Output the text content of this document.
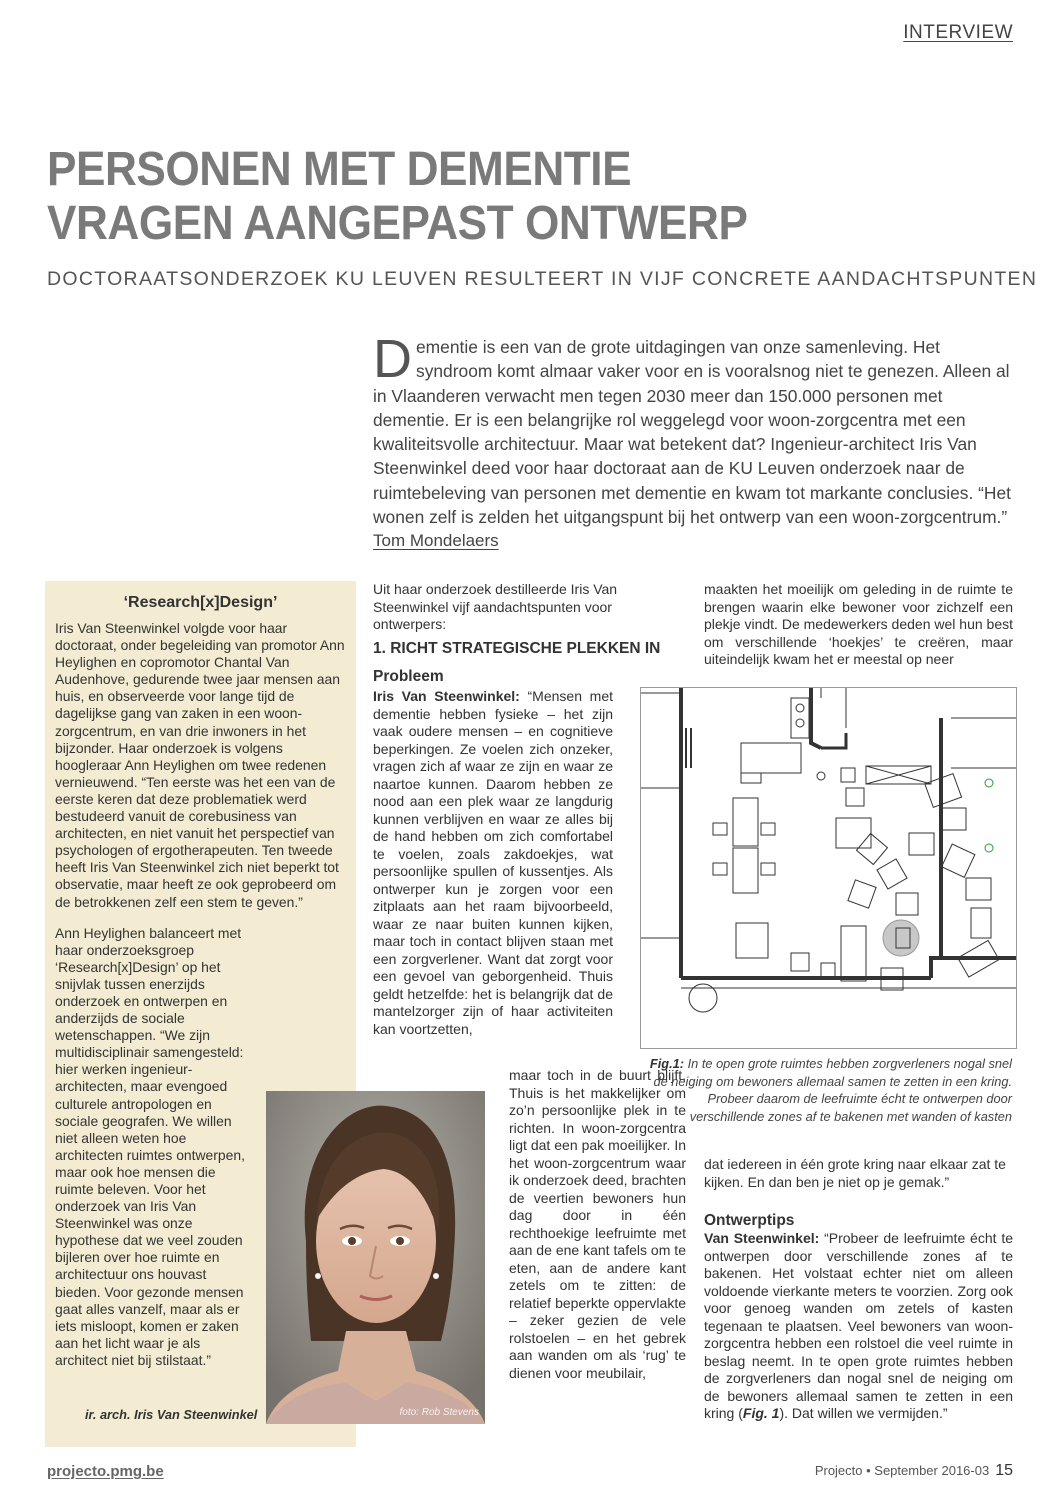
INTERVIEW
PERSONEN MET DEMENTIE
VRAGEN AANGEPAST ONTWERP
DOCTORAATSONDERZOEK KU LEUVEN RESULTEERT IN VIJF CONCRETE AANDACHTSPUNTEN
D ementie is een van de grote uitdagingen van onze samenleving. Het syndroom komt almaar vaker voor en is vooralsnog niet te genezen. Alleen al in Vlaanderen verwacht men tegen 2030 meer dan 150.000 personen met dementie. Er is een belangrijke rol weggelegd voor woon-zorgcentra met een kwaliteitsvolle architectuur. Maar wat betekent dat? Ingenieur-architect Iris Van Steenwinkel deed voor haar doctoraat aan de KU Leuven onderzoek naar de ruimtebeleving van personen met dementie en kwam tot markante conclusies. “Het wonen zelf is zelden het uitgangspunt bij het ontwerp van een woon-zorgcentrum.”
Tom Mondelaers
‘Research[x]Design’

Iris Van Steenwinkel volgde voor haar doctoraat, onder begeleiding van promotor Ann Heylighen en copromotor Chantal Van Audenhove, gedurende twee jaar mensen aan huis, en observeerde voor lange tijd de dagelijkse gang van zaken in een woon-zorgcentrum, en van drie inwoners in het bijzonder. Haar onderzoek is volgens hoogleraar Ann Heylighen om twee redenen vernieuwend. “Ten eerste was het een van de eerste keren dat deze problematiek werd bestudeerd vanuit de corebusiness van architecten, en niet vanuit het perspectief van psychologen of ergotherapeuten. Ten tweede heeft Iris Van Steenwinkel zich niet beperkt tot observatie, maar heeft ze ook geprobeerd om de betrokkenen zelf een stem te geven.”

Ann Heylighen balanceert met haar onderzoeksgroep ‘Research[x]Design’ op het snijvlak tussen enerzijds onderzoek en ontwerpen en anderzijds de sociale wetenschappen. “We zijn multidisciplinair samengesteld: hier werken ingenieur-architecten, maar evengoed culturele antropologen en sociale geografen. We willen niet alleen weten hoe architecten ruimtes ontwerpen, maar ook hoe mensen die ruimte beleven. Voor het onderzoek van Iris Van Steenwinkel was onze hypothese dat we veel zouden bijleren over hoe ruimte en architectuur ons houvast bieden. Voor gezonde mensen gaat alles vanzelf, maar als er iets misloopt, komen er zaken aan het licht waar je als architect niet bij stilstaat.”

ir. arch. Iris Van Steenwinkel	foto: Rob Stevens
Uit haar onderzoek destilleerde Iris Van Steenwinkel vijf aandachtspunten voor ontwerpers:
1. RICHT STRATEGISCHE PLEKKEN IN
Probleem
Iris Van Steenwinkel: “Mensen met dementie hebben fysieke – het zijn vaak oudere mensen – en cognitieve beperkingen. Ze voelen zich onzeker, vragen zich af waar ze zijn en waar ze naartoe kunnen. Daarom hebben ze nood aan een plek waar ze langdurig kunnen verblijven en waar ze alles bij de hand hebben om zich comfortabel te voelen, zoals zakdoekjes, wat persoonlijke spullen of kussentjes. Als ontwerper kun je zorgen voor een zitplaats aan het raam bijvoorbeeld, waar ze naar buiten kunnen kijken, maar toch in contact blijven staan met een zorgverlener. Want dat zorgt voor een gevoel van geborgenheid. Thuis geldt hetzelfde: het is belangrijk dat de mantelzorger zijn of haar activiteiten kan voortzetten,
maar toch in de buurt blijft. Thuis is het makkelijker om zo’n persoonlijke plek in te richten. In woon-zorgcentra ligt dat een pak moeilijker. In het woon-zorgcentrum waar ik onderzoek deed, brachten de veertien bewoners hun dag door in één rechthoekige leefruimte met aan de ene kant tafels om te eten, aan de andere kant zetels om te zitten: de relatief beperkte oppervlakte – zeker gezien de vele rolstoelen – en het gebrek aan wanden om als ‘rug’ te dienen voor meubilair,
maakten het moeilijk om geleding in de ruimte te brengen waarin elke bewoner voor zichzelf een plekje vindt. De medewerkers deden wel hun best om verschillende ‘hoekjes’ te creëren, maar uiteindelijk kwam het er meestal op neer
Fig.1: In te open grote ruimtes hebben zorgverleners nogal snel de neiging om bewoners allemaal samen te zetten in een kring. Probeer daarom de leefruimte écht te ontwerpen door verschillende zones af te bakenen met wanden of kasten
dat iedereen in één grote kring naar elkaar zat te kijken. En dan ben je niet op je gemak.”
Ontwerptips
Van Steenwinkel: “Probeer de leefruimte écht te ontwerpen door verschillende zones af te bakenen. Het volstaat echter niet om alleen voldoende vierkante meters te voorzien. Zorg ook voor genoeg wanden om zetels of kasten tegenaan te plaatsen. Veel bewoners van woon-zorgcentra hebben een rolstoel die veel ruimte in beslag neemt. In te open grote ruimtes hebben de zorgverleners dan nogal snel de neiging om de bewoners allemaal samen te zetten in een kring (Fig. 1). Dat willen we vermijden.”
projecto.pmg.be	Projecto • September 2016-03 15
